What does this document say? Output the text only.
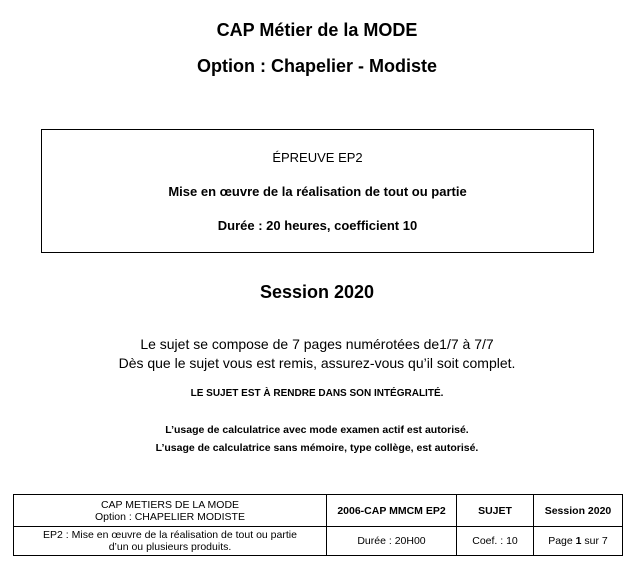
CAP Métier de la MODE
Option : Chapelier - Modiste
ÉPREUVE EP2
Mise en œuvre de la réalisation de tout ou partie
Durée : 20 heures, coefficient 10
Session 2020
Le sujet se compose de 7 pages numérotées de1/7 à 7/7
Dès que le sujet vous est remis, assurez-vous qu’il soit complet.
LE SUJET EST À RENDRE DANS SON INTÉGRALITÉ.
L’usage de calculatrice avec mode examen actif est autorisé.
L’usage de calculatrice sans mémoire, type collège, est autorisé.
CAP METIERS DE LA MODE
Option : CHAPELIER MODISTE	2006-CAP MMCM EP2	SUJET	Session 2020

EP2 : Mise en œuvre de la réalisation de tout ou partie
d’un ou plusieurs produits.	Durée : 20H00	Coef. : 10	Page 1 sur 7
